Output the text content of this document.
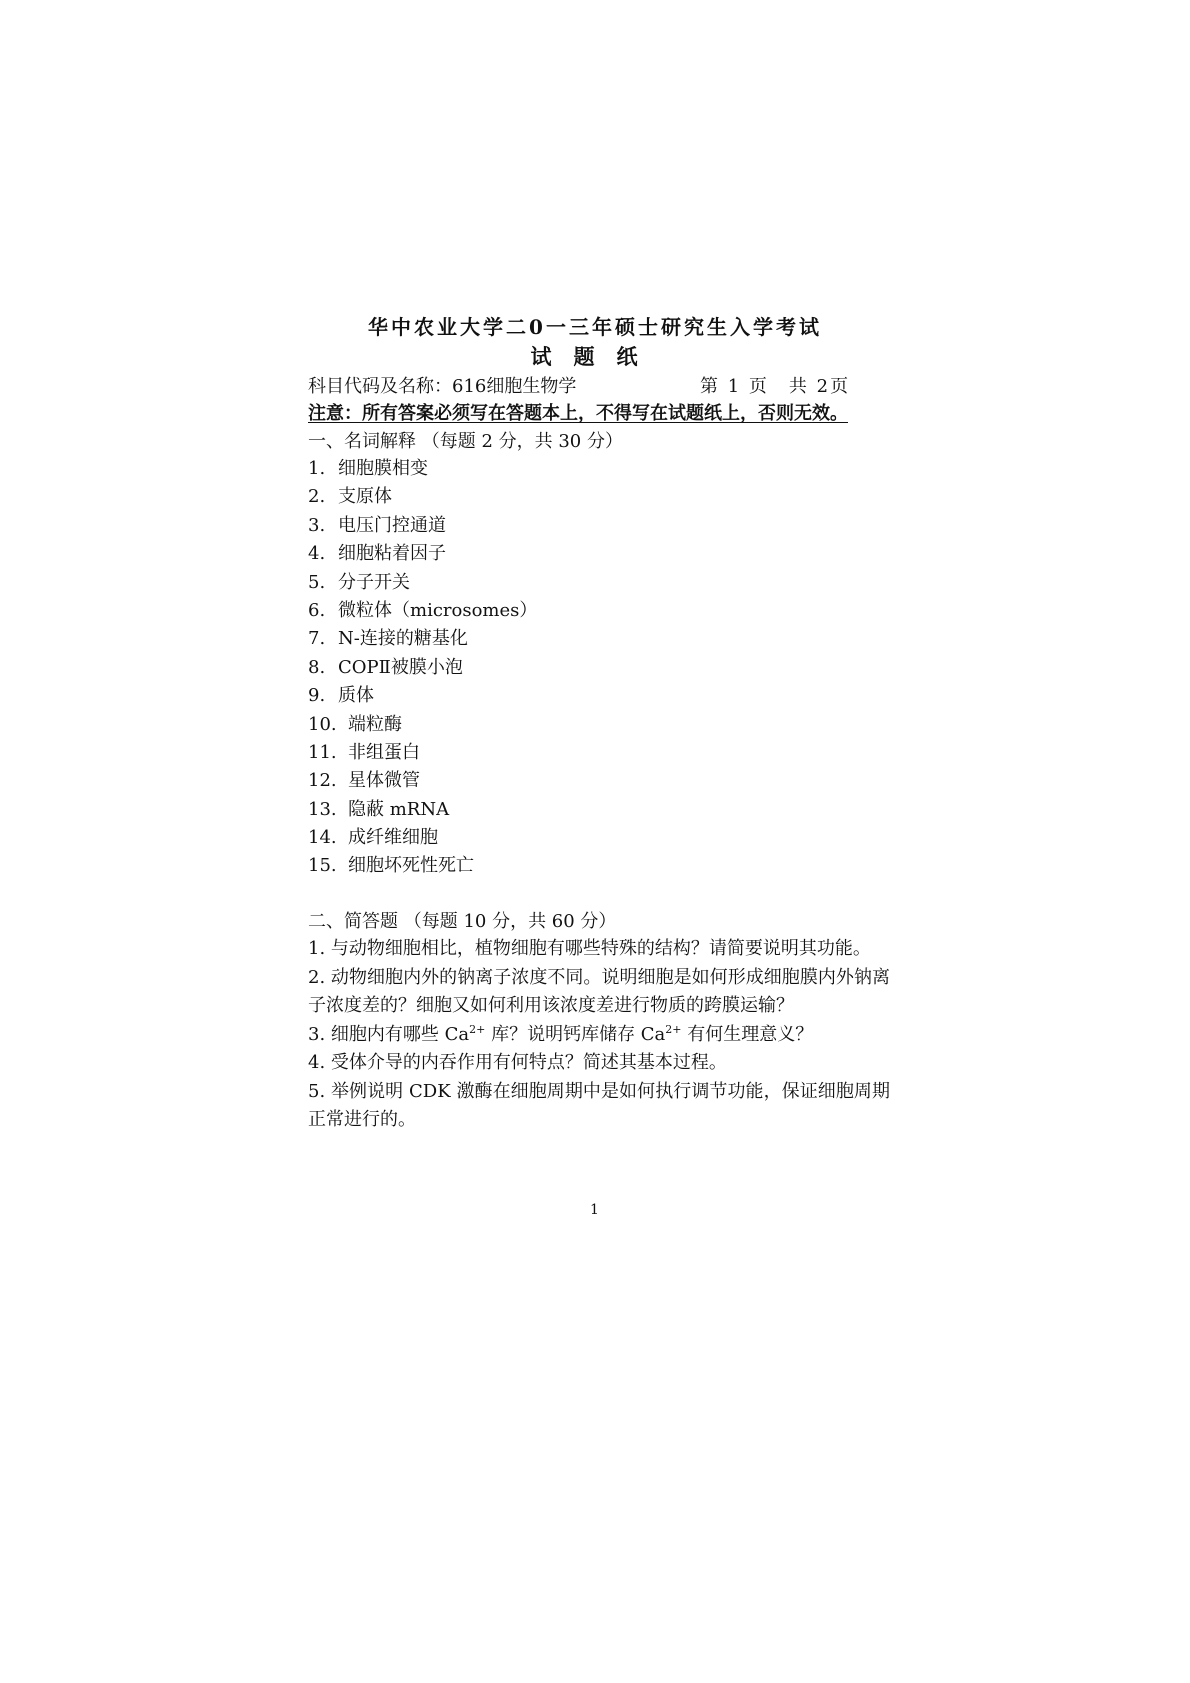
华中农业大学二0一三年硕士研究生入学考试
试题纸
科目代码及名称：616细胞生物学	第 1 页　共 2页
注意：所有答案必须写在答题本上，不得写在试题纸上，否则无效。
一、名词解释 （每题 2 分，共 30 分）
1. 细胞膜相变
2. 支原体
3. 电压门控通道
4. 细胞粘着因子
5. 分子开关
6. 微粒体（microsomes）
7. N-连接的糖基化
8. COPⅡ被膜小泡
9. 质体
10. 端粒酶
11. 非组蛋白
12. 星体微管
13. 隐蔽 mRNA
14. 成纤维细胞
15. 细胞坏死性死亡
二、简答题 （每题 10 分，共 60 分）
1. 与动物细胞相比，植物细胞有哪些特殊的结构？请简要说明其功能。
2. 动物细胞内外的钠离子浓度不同。说明细胞是如何形成细胞膜内外钠离子浓度差的？细胞又如何利用该浓度差进行物质的跨膜运输？
3. 细胞内有哪些 $Ca^{2+}$ 库？说明钙库储存 $Ca^{2+}$ 有何生理意义？
4. 受体介导的内吞作用有何特点？简述其基本过程。
5. 举例说明 CDK 激酶在细胞周期中是如何执行调节功能，保证细胞周期正常进行的。
1
